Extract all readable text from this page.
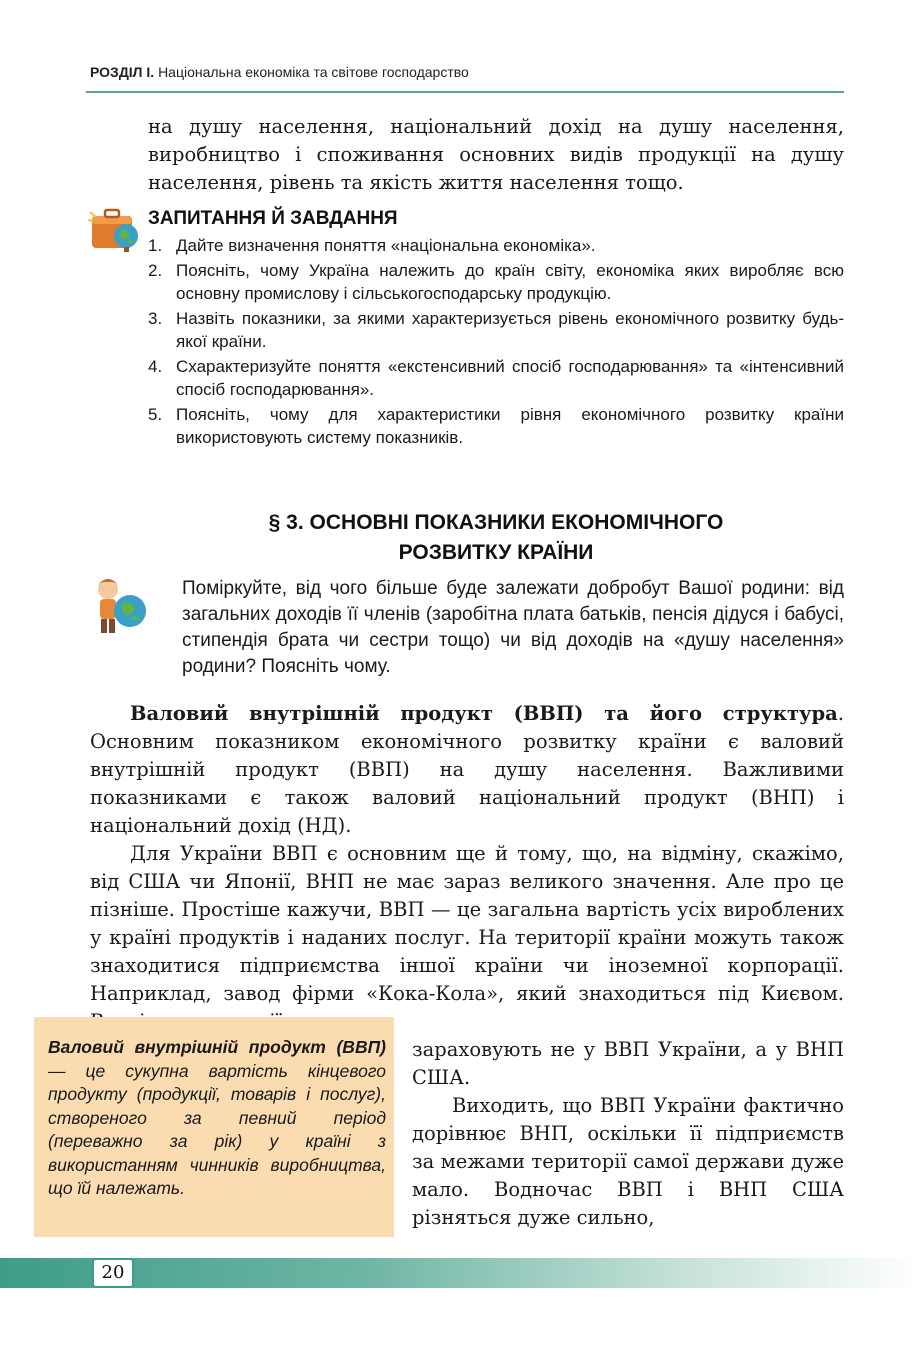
РОЗДІЛ І. Національна економіка та світове господарство
на душу населення, національний дохід на душу населення, виробництво і споживання основних видів продукції на душу населення, рівень та якість життя населення тощо.
ЗАПИТАННЯ Й ЗАВДАННЯ
1. Дайте визначення поняття «національна економіка».
2. Поясніть, чому Україна належить до країн світу, економіка яких виробляє всю основну промислову і сільськогосподарську продукцію.
3. Назвіть показники, за якими характеризується рівень економічного розвитку будь-якої країни.
4. Схарактеризуйте поняття «екстенсивний спосіб господарювання» та «інтенсивний спосіб господарювання».
5. Поясніть, чому для характеристики рівня економічного розвитку країни використовують систему показників.
§ 3. ОСНОВНІ ПОКАЗНИКИ ЕКОНОМІЧНОГО
РОЗВИТКУ КРАЇНИ
Поміркуйте, від чого більше буде залежати добробут Вашої родини: від загальних доходів її членів (заробітна плата батьків, пенсія дідуся і бабусі, стипендія брата чи сестри тощо) чи від доходів на «душу населення» родини? Поясніть чому.

Валовий внутрішній продукт (ВВП) та його структура. Основним показником економічного розвитку країни є валовий внутрішній продукт (ВВП) на душу населення. Важливими показниками є також валовий національний продукт (ВНП) і національний дохід (НД).

Для України ВВП є основним ще й тому, що, на відміну, скажімо, від США чи Японії, ВНП не має зараз великого значення. Але про це пізніше. Простіше кажучи, ВВП — це загальна вартість усіх вироблених у країні продуктів і наданих послуг. На території країни можуть також знаходитися підприємства іншої країни чи іноземної корпорації. Наприклад, завод фірми «Кока-Кола», який знаходиться під Києвом.

Валовий внутрішній продукт (ВВП) — це сукупна вартість кінцевого продукту (продукції, товарів і послуг), створеного за певний період (переважно за рік) у країні з використанням чинників виробництва, що їй належать.

зараховують не у ВВП України, а у ВНП США.

Виходить, що ВВП України фактично дорівнює ВНП, оскільки її підприємств за межами території самої держави дуже мало. Водночас ВВП і ВНП США різняться дуже сильно,

20
